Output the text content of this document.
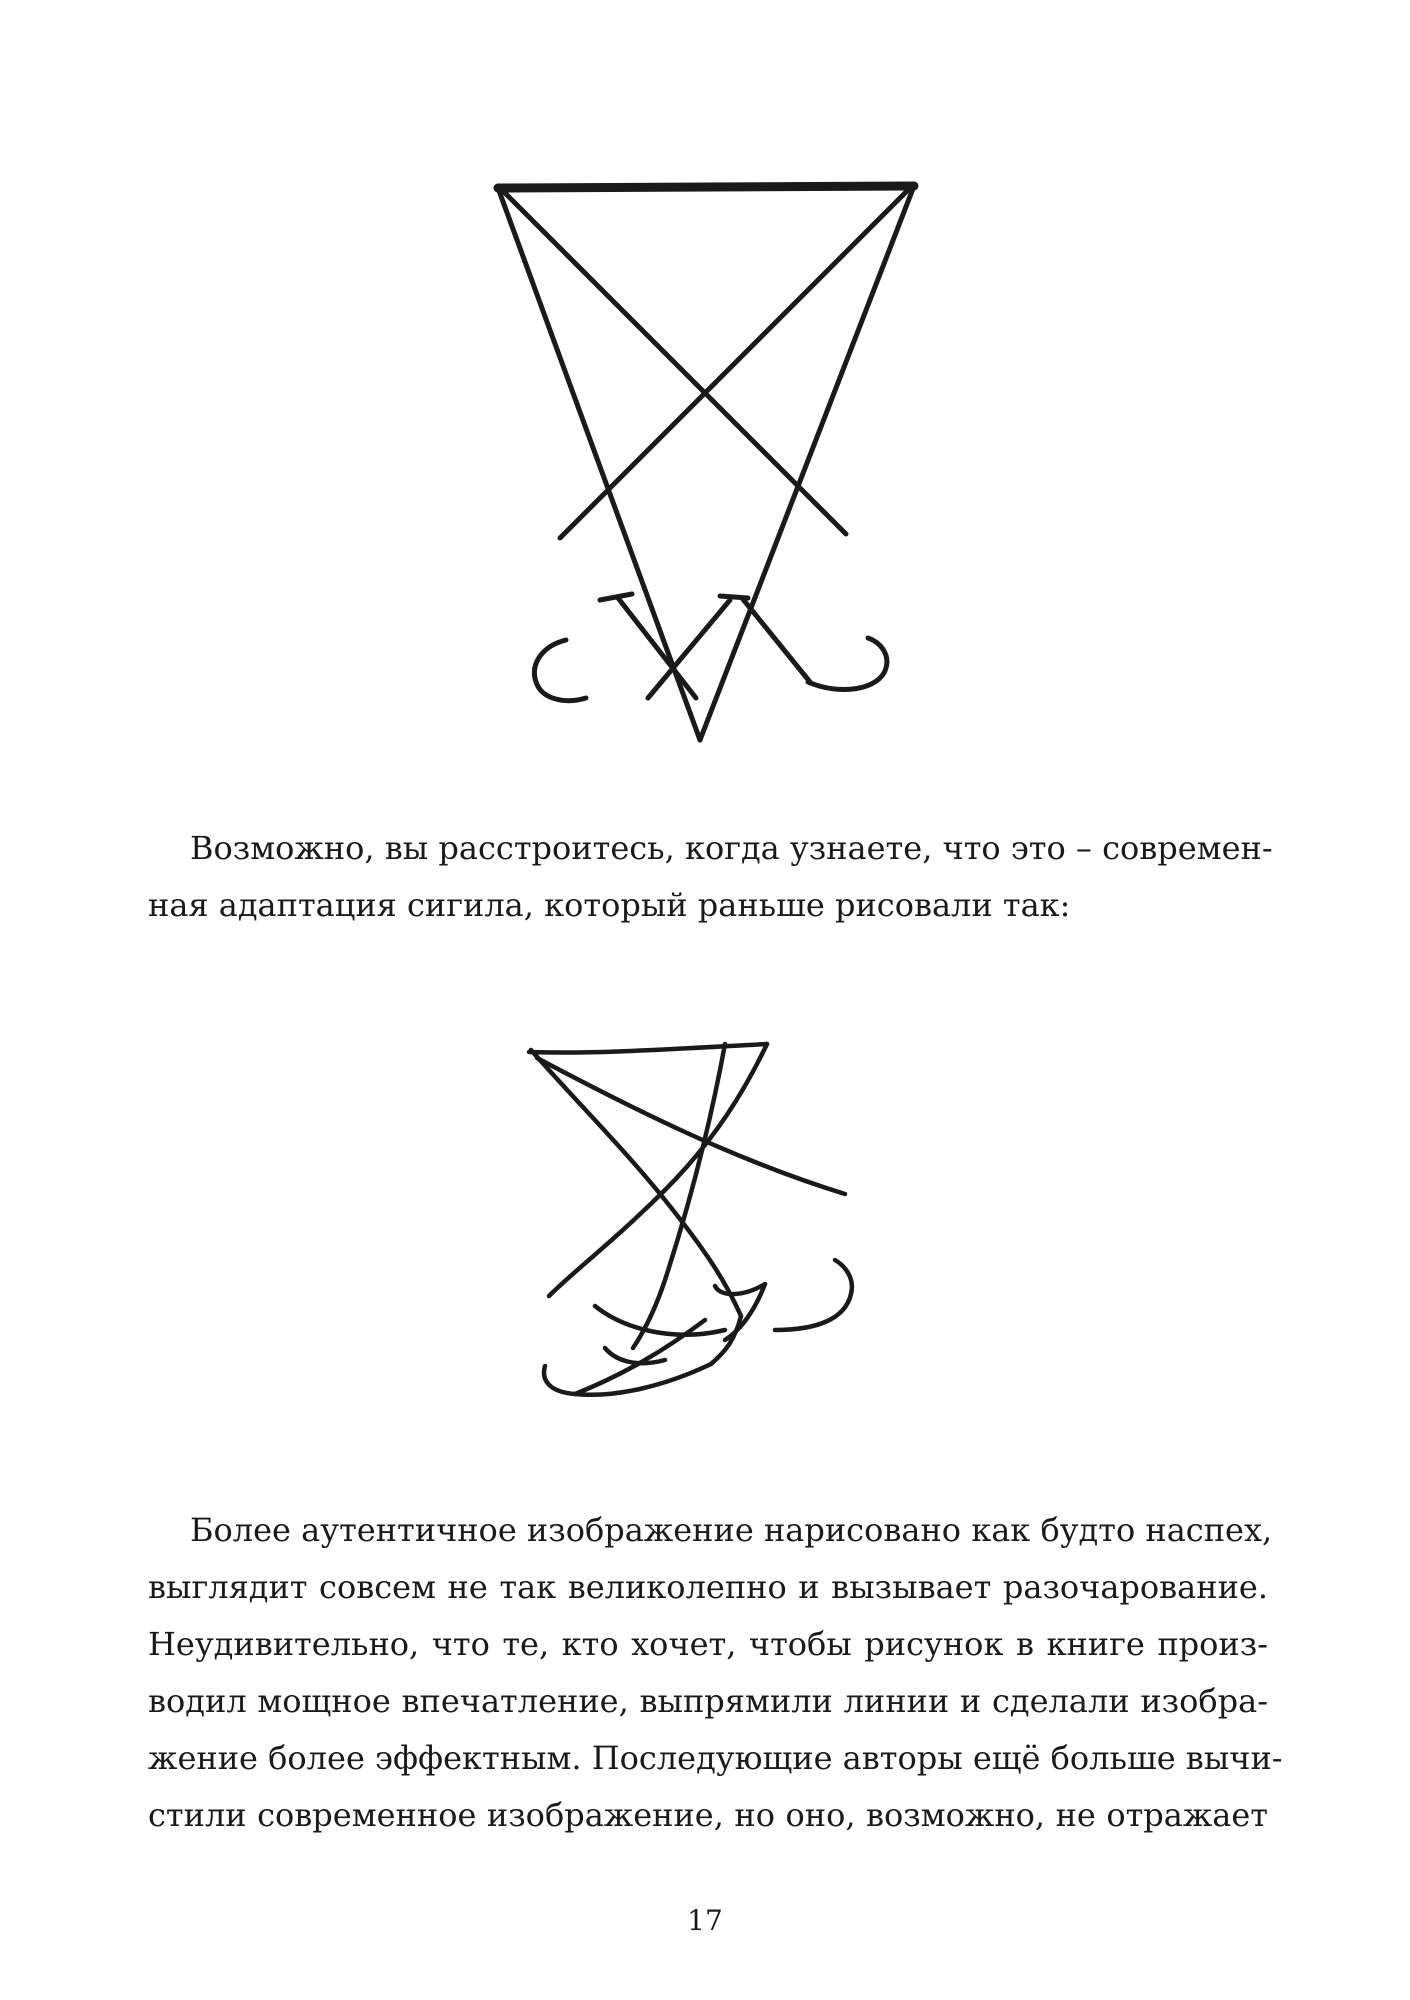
Возможно, вы расстроитесь, когда узнаете, что это – современ-
ная адаптация сигила, который раньше рисовали так:

Более аутентичное изображение нарисовано как будто наспех,
выглядит совсем не так великолепно и вызывает разочарование.
Неудивительно, что те, кто хочет, чтобы рисунок в книге произ-
водил мощное впечатление, выпрямили линии и сделали изобра-
жение более эффектным. Последующие авторы ещё больше вычи-
стили современное изображение, но оно, возможно, не отражает

17
